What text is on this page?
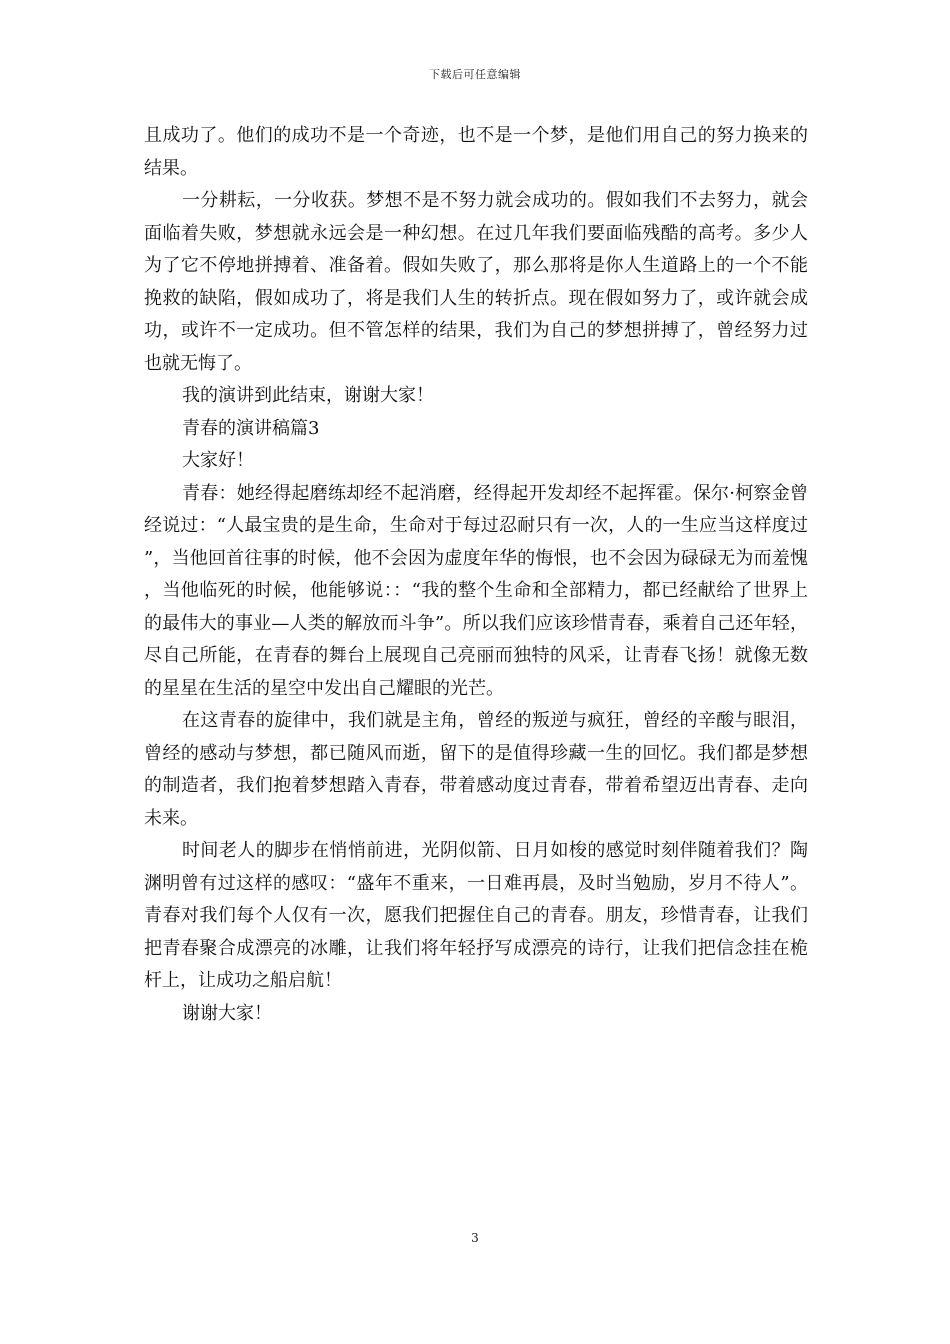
下载后可任意编辑

且成功了。他们的成功不是一个奇迹，也不是一个梦，是他们用自己的努力换来的结果。

一分耕耘，一分收获。梦想不是不努力就会成功的。假如我们不去努力，就会面临着失败，梦想就永远会是一种幻想。在过几年我们要面临残酷的高考。多少人为了它不停地拼搏着、准备着。假如失败了，那么那将是你人生道路上的一个不能挽救的缺陷，假如成功了，将是我们人生的转折点。现在假如努力了，或许就会成功，或许不一定成功。但不管怎样的结果，我们为自己的梦想拼搏了，曾经努力过也就无悔了。

我的演讲到此结束，谢谢大家！

青春的演讲稿篇3

大家好！

青春：她经得起磨练却经不起消磨，经得起开发却经不起挥霍。保尔·柯察金曾经说过：“人最宝贵的是生命，生命对于每过忍耐只有一次，人的一生应当这样度过”，当他回首往事的时候，他不会因为虚度年华的悔恨，也不会因为碌碌无为而羞愧，当他临死的时候，他能够说：：“我的整个生命和全部精力，都已经献给了世界上的最伟大的事业—人类的解放而斗争”。所以我们应该珍惜青春，乘着自己还年轻，尽自己所能，在青春的舞台上展现自己亮丽而独特的风采，让青春飞扬！就像无数的星星在生活的星空中发出自己耀眼的光芒。

在这青春的旋律中，我们就是主角，曾经的叛逆与疯狂，曾经的辛酸与眼泪，曾经的感动与梦想，都已随风而逝，留下的是值得珍藏一生的回忆。我们都是梦想的制造者，我们抱着梦想踏入青春，带着感动度过青春，带着希望迈出青春、走向未来。

时间老人的脚步在悄悄前进，光阴似箭、日月如梭的感觉时刻伴随着我们？陶渊明曾有过这样的感叹：“盛年不重来，一日难再晨，及时当勉励，岁月不待人”。青春对我们每个人仅有一次，愿我们把握住自己的青春。朋友，珍惜青春，让我们把青春聚合成漂亮的冰雕，让我们将年轻抒写成漂亮的诗行，让我们把信念挂在桅杆上，让成功之船启航！

谢谢大家！

3
